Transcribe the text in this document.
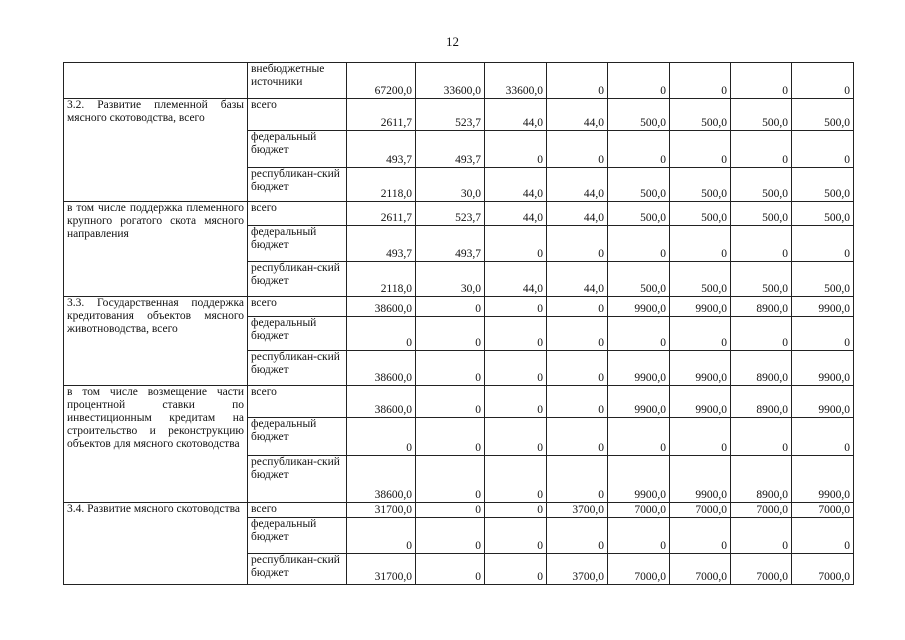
12
	внебюджетные источники	67200,0	33600,0	33600,0	0	0	0	0	0
3.2. Развитие племенной базы мясного скотоводства, всего	всего	2611,7	523,7	44,0	44,0	500,0	500,0	500,0	500,0
	федеральный бюджет	493,7	493,7	0	0	0	0	0	0
	республикан-ский бюджет	2118,0	30,0	44,0	44,0	500,0	500,0	500,0	500,0
в том числе поддержка племенного крупного рогатого скота мясного направления	всего	2611,7	523,7	44,0	44,0	500,0	500,0	500,0	500,0
	федеральный бюджет	493,7	493,7	0	0	0	0	0	0
	республикан-ский бюджет	2118,0	30,0	44,0	44,0	500,0	500,0	500,0	500,0
3.3. Государственная поддержка кредитования объектов мясного животноводства, всего	всего	38600,0	0	0	0	9900,0	9900,0	8900,0	9900,0
	федеральный бюджет	0	0	0	0	0	0	0	0
	республикан-ский бюджет	38600,0	0	0	0	9900,0	9900,0	8900,0	9900,0
в том числе возмещение части процентной ставки по инвестиционным кредитам на строительство и реконструкцию объектов для мясного скотоводства	всего	38600,0	0	0	0	9900,0	9900,0	8900,0	9900,0
	федеральный бюджет	0	0	0	0	0	0	0	0
	республикан-ский бюджет	38600,0	0	0	0	9900,0	9900,0	8900,0	9900,0
3.4. Развитие мясного скотоводства	всего	31700,0	0	0	3700,0	7000,0	7000,0	7000,0	7000,0
	федеральный бюджет	0	0	0	0	0	0	0	0
	республикан-ский бюджет	31700,0	0	0	3700,0	7000,0	7000,0	7000,0	7000,0
